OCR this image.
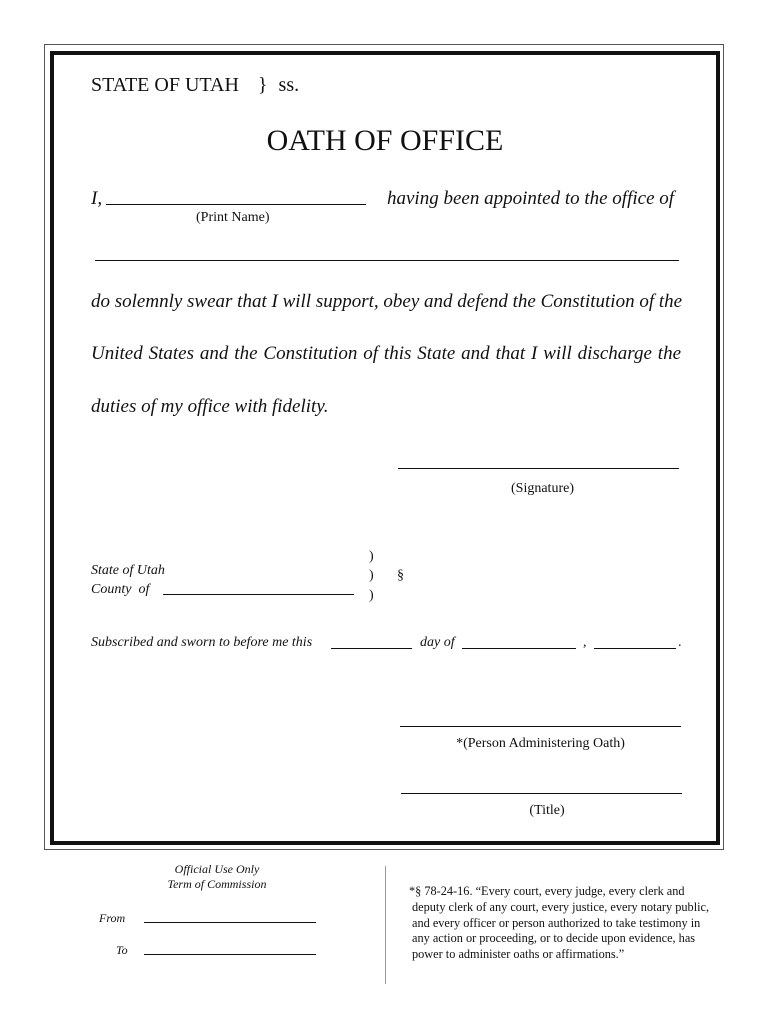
STATE OF UTAH } ss.
OATH OF OFFICE
I,	having been appointed to the office of
(Print Name)
do solemnly swear that I will support, obey and defend the Constitution of the
United States and the Constitution of this State and that I will discharge the
duties of my office with fidelity.
(Signature)
State of Utah
County  of
)
)
)
§
Subscribed and sworn to before me this	day of	,	.
*(Person Administering Oath)
(Title)
Official Use Only
Term of Commission
From
To
*§ 78-24-16. “Every court, every judge, every clerk and
deputy clerk of any court, every justice, every notary public,
and every officer or person authorized to take testimony in
any action or proceeding, or to decide upon evidence, has
power to administer oaths or affirmations.”
